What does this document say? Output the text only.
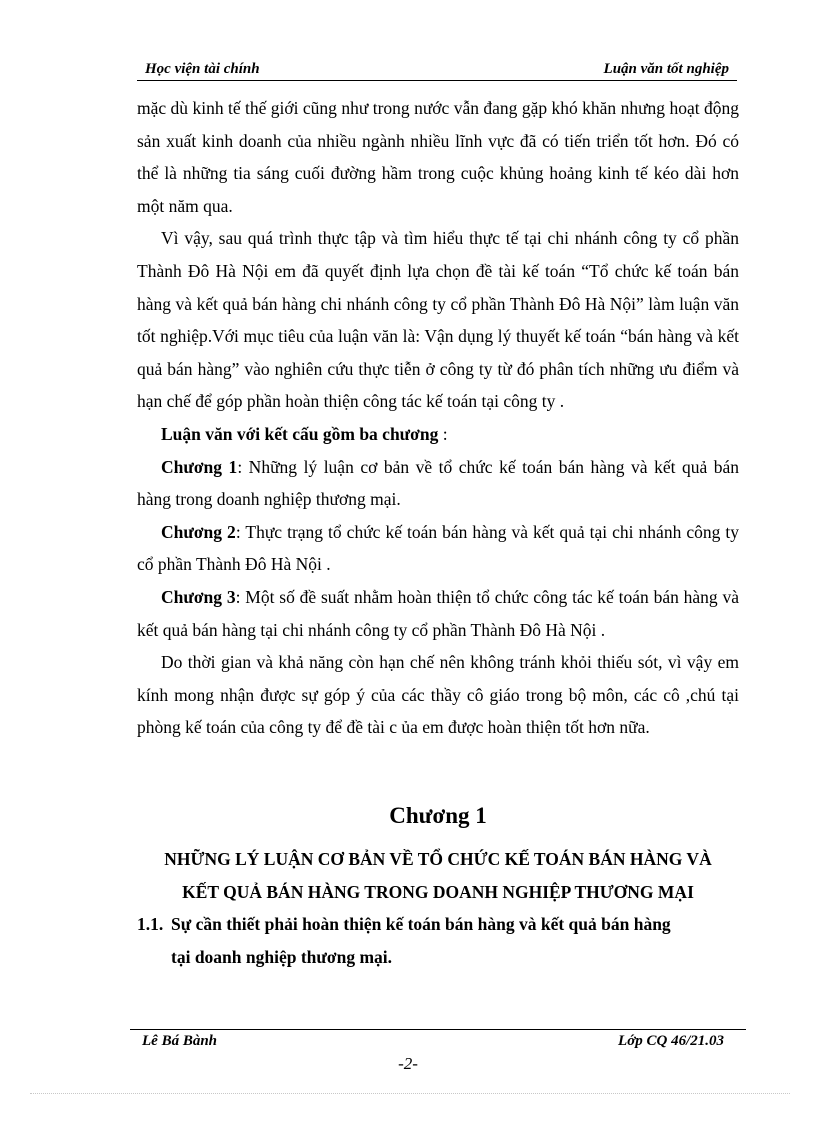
Học viện tài chính	Luận văn tốt nghiệp

mặc dù kinh tế thế giới cũng như trong nước vẫn đang gặp khó khăn nhưng hoạt động sản xuất kinh doanh của nhiều ngành nhiều lĩnh vực đã có tiến triển tốt hơn. Đó có thể là những tia sáng cuối đường hầm trong cuộc khủng hoảng kinh tế kéo dài hơn một năm qua.

Vì vậy, sau quá trình thực tập và tìm hiểu thực tế tại chi nhánh công ty cổ phần Thành Đô Hà Nội em đã quyết định lựa chọn đề tài kế toán “Tổ chức kế toán bán hàng và kết quả bán hàng chi nhánh công ty cổ phần Thành Đô Hà Nội” làm luận văn tốt nghiệp.Với mục tiêu của luận văn là: Vận dụng lý thuyết kế toán “bán hàng và kết quả bán hàng” vào nghiên cứu thực tiễn ở công ty từ đó phân tích những ưu điểm và hạn chế để góp phần hoàn thiện công tác kế toán tại công ty .

Luận văn với kết cấu gồm ba chương :

Chương 1: Những lý luận cơ bản về tổ chức kế toán bán hàng và kết quả bán hàng trong doanh nghiệp thương mại.

Chương 2: Thực trạng tổ chức kế toán bán hàng và kết quả tại chi nhánh công ty cổ phần Thành Đô Hà Nội .

Chương 3: Một số đề suất nhằm hoàn thiện tổ chức công tác kế toán bán hàng và kết quả bán hàng tại chi nhánh công ty cổ phần Thành Đô Hà Nội .

Do thời gian và khả năng còn hạn chế nên không tránh khỏi thiếu sót, vì vậy em kính mong nhận được sự góp ý của các thầy cô giáo trong bộ môn, các cô ,chú tại phòng kế toán của công ty để đề tài c ủa em được hoàn thiện tốt hơn nữa.

Chương 1
NHỮNG LÝ LUẬN CƠ BẢN VỀ TỔ CHỨC KẾ TOÁN BÁN HÀNG VÀ
KẾT QUẢ BÁN HÀNG TRONG DOANH NGHIỆP THƯƠNG MẠI
1.1. Sự cần thiết phải hoàn thiện kế toán bán hàng và kết quả bán hàng
tại doanh nghiệp thương mại.
Lê Bá Bành	Lớp CQ 46/21.03
-2-
